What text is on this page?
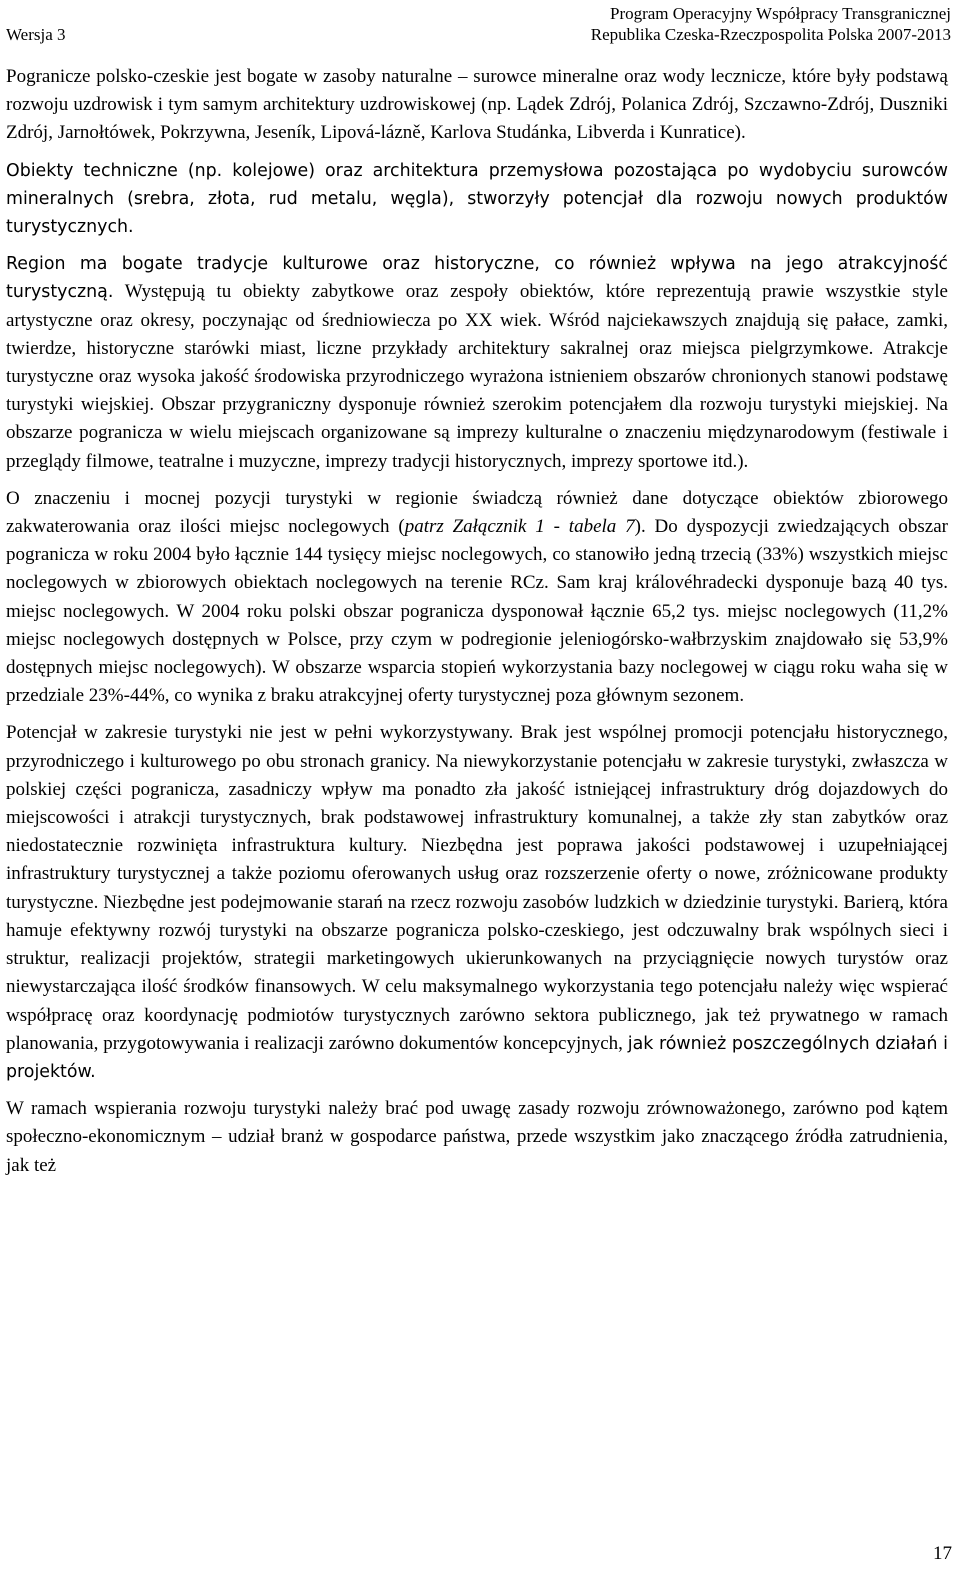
Wersja 3
Program Operacyjny Współpracy Transgranicznej
Republika Czeska-Rzeczpospolita Polska 2007-2013

Pogranicze polsko-czeskie jest bogate w zasoby naturalne – surowce mineralne oraz wody lecznicze, które były podstawą rozwoju uzdrowisk i tym samym architektury uzdrowiskowej (np. Lądek Zdrój, Polanica Zdrój, Szczawno-Zdrój, Duszniki Zdrój, Jarnołtówek, Pokrzywna, Jeseník, Lipová-lázně, Karlova Studánka, Libverda i Kunratice).

Obiekty techniczne (np. kolejowe) oraz architektura przemysłowa pozostająca po wydobyciu surowców mineralnych (srebra, złota, rud metalu, węgla), stworzyły potencjał dla rozwoju nowych produktów turystycznych.

Region ma bogate tradycje kulturowe oraz historyczne, co również wpływa na jego atrakcyjność turystyczną. Występują tu obiekty zabytkowe oraz zespoły obiektów, które reprezentują prawie wszystkie style artystyczne oraz okresy, poczynając od średniowiecza po XX wiek. Wśród najciekawszych znajdują się pałace, zamki, twierdze, historyczne starówki miast, liczne przykłady architektury sakralnej oraz miejsca pielgrzymkowe. Atrakcje turystyczne oraz wysoka jakość środowiska przyrodniczego wyrażona istnieniem obszarów chronionych stanowi podstawę turystyki wiejskiej. Obszar przygraniczny dysponuje również szerokim potencjałem dla rozwoju turystyki miejskiej. Na obszarze pogranicza w wielu miejscach organizowane są imprezy kulturalne o znaczeniu międzynarodowym (festiwale i przeglądy filmowe, teatralne i muzyczne, imprezy tradycji historycznych, imprezy sportowe itd.).

O znaczeniu i mocnej pozycji turystyki w regionie świadczą również dane dotyczące obiektów zbiorowego zakwaterowania oraz ilości miejsc noclegowych (patrz Załącznik 1 - tabela 7). Do dyspozycji zwiedzających obszar pogranicza w roku 2004 było łącznie 144 tysięcy miejsc noclegowych, co stanowiło jedną trzecią (33%) wszystkich miejsc noclegowych w zbiorowych obiektach noclegowych na terenie RCz. Sam kraj královéhradecki dysponuje bazą 40 tys. miejsc noclegowych. W 2004 roku polski obszar pogranicza dysponował łącznie 65,2 tys. miejsc noclegowych (11,2% miejsc noclegowych dostępnych w Polsce, przy czym w podregionie jeleniogórsko-wałbrzyskim znajdowało się 53,9% dostępnych miejsc noclegowych). W obszarze wsparcia stopień wykorzystania bazy noclegowej w ciągu roku waha się w przedziale 23%-44%, co wynika z braku atrakcyjnej oferty turystycznej poza głównym sezonem.

Potencjał w zakresie turystyki nie jest w pełni wykorzystywany. Brak jest wspólnej promocji potencjału historycznego, przyrodniczego i kulturowego po obu stronach granicy. Na niewykorzystanie potencjału w zakresie turystyki, zwłaszcza w polskiej części pogranicza, zasadniczy wpływ ma ponadto zła jakość istniejącej infrastruktury dróg dojazdowych do miejscowości i atrakcji turystycznych, brak podstawowej infrastruktury komunalnej, a także zły stan zabytków oraz niedostatecznie rozwinięta infrastruktura kultury. Niezbędna jest poprawa jakości podstawowej i uzupełniającej infrastruktury turystycznej a także poziomu oferowanych usług oraz rozszerzenie oferty o nowe, zróżnicowane produkty turystyczne. Niezbędne jest podejmowanie starań na rzecz rozwoju zasobów ludzkich w dziedzinie turystyki. Barierą, która hamuje efektywny rozwój turystyki na obszarze pogranicza polsko-czeskiego, jest odczuwalny brak wspólnych sieci i struktur, realizacji projektów, strategii marketingowych ukierunkowanych na przyciągnięcie nowych turystów oraz niewystarczająca ilość środków finansowych. W celu maksymalnego wykorzystania tego potencjału należy więc wspierać współpracę oraz koordynację podmiotów turystycznych zarówno sektora publicznego, jak też prywatnego w ramach planowania, przygotowywania i realizacji zarówno dokumentów koncepcyjnych, jak również poszczególnych działań i projektów.

W ramach wspierania rozwoju turystyki należy brać pod uwagę zasady rozwoju zrównoważonego, zarówno pod kątem społeczno-ekonomicznym – udział branż w gospodarce państwa, przede wszystkim jako znaczącego źródła zatrudnienia, jak też

17
